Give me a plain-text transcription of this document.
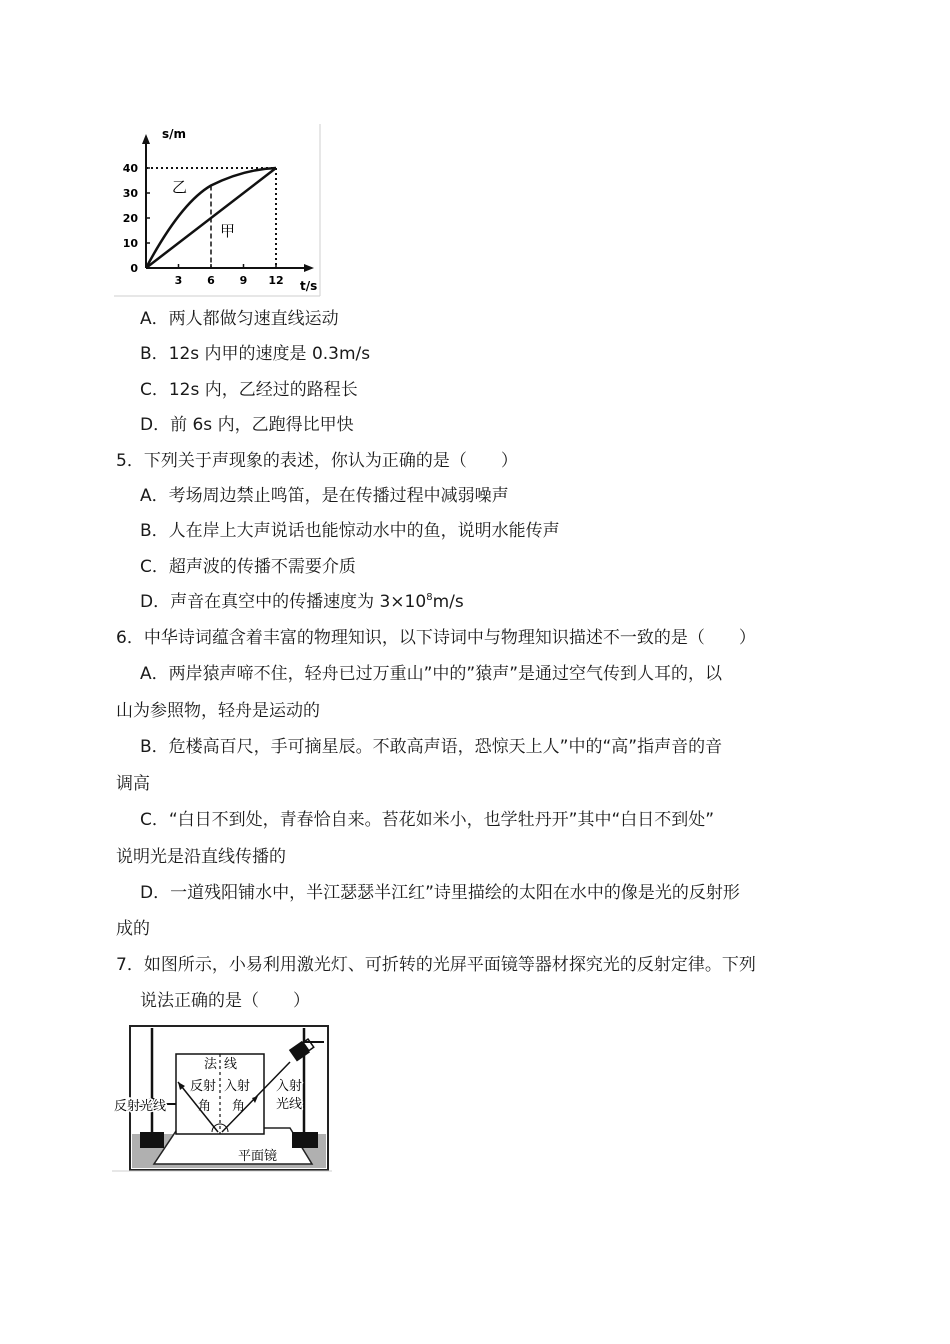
s/m
t/s
40
30
20
10
0
3 6 9 12
乙
甲
A．两人都做匀速直线运动
B．12s 内甲的速度是 0.3m/s
C．12s 内，乙经过的路程长
D．前 6s 内，乙跑得比甲快
5．下列关于声现象的表述，你认为正确的是（　　）
A．考场周边禁止鸣笛，是在传播过程中减弱噪声
B．人在岸上大声说话也能惊动水中的鱼，说明水能传声
C．超声波的传播不需要介质
D．声音在真空中的传播速度为 $3\times 10^8m/s$
6．中华诗词蕴含着丰富的物理知识，以下诗词中与物理知识描述不一致的是（　　）
A．两岸猿声啼不住，轻舟已过万重山”中的”猿声”是通过空气传到人耳的，以
山为参照物，轻舟是运动的
B．危楼高百尺，手可摘星辰。不敢高声语，恐惊天上人”中的“高”指声音的音
调高
C．“白日不到处，青春恰自来。苔花如米小，也学牡丹开”其中“白日不到处”
说明光是沿直线传播的
D．一道残阳铺水中，半江瑟瑟半江红”诗里描绘的太阳在水中的像是光的反射形
成的
7．如图所示，小易利用激光灯、可折转的光屏平面镜等器材探究光的反射定律。下列
说法正确的是（　　）
法 线
反射
角
入射
角
反射光线
入射
光线
平面镜
